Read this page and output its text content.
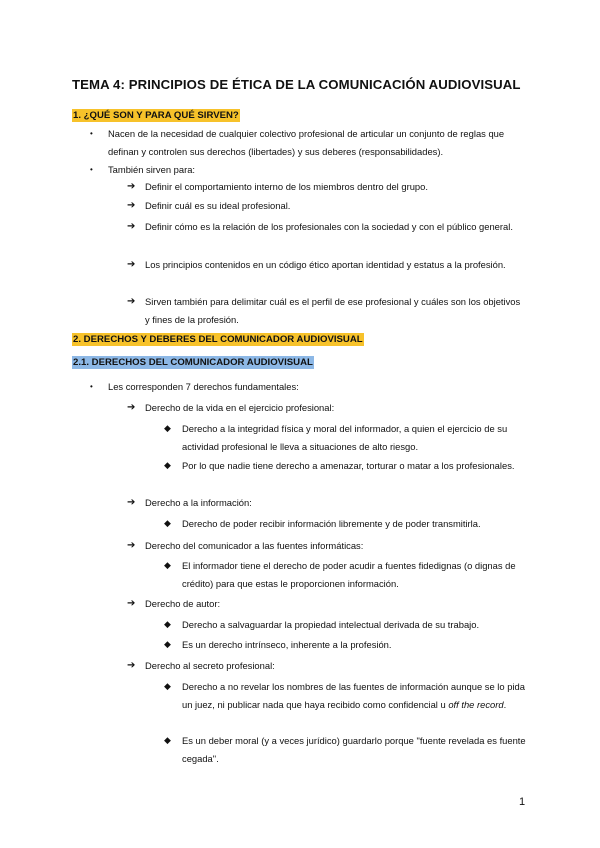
TEMA 4: PRINCIPIOS DE ÉTICA DE LA COMUNICACIÓN AUDIOVISUAL
1. ¿QUÉ SON Y PARA QUÉ SIRVEN?
• Nacen de la necesidad de cualquier colectivo profesional de articular un conjunto de reglas que definan y controlen sus derechos (libertades) y sus deberes (responsabilidades).
• También sirven para:
➔ Definir el comportamiento interno de los miembros dentro del grupo.
➔ Definir cuál es su ideal profesional.
➔ Definir cómo es la relación de los profesionales con la sociedad y con el público general.
➔ Los principios contenidos en un código ético aportan identidad y estatus a la profesión.
➔ Sirven también para delimitar cuál es el perfil de ese profesional y cuáles son los objetivos y fines de la profesión.
2. DERECHOS Y DEBERES DEL COMUNICADOR AUDIOVISUAL
2.1. DERECHOS DEL COMUNICADOR AUDIOVISUAL
• Les corresponden 7 derechos fundamentales:
➔ Derecho de la vida en el ejercicio profesional:
◆ Derecho a la integridad física y moral del informador, a quien el ejercicio de su actividad profesional le lleva a situaciones de alto riesgo.
◆ Por lo que nadie tiene derecho a amenazar, torturar o matar a los profesionales.
➔ Derecho a la información:
◆ Derecho de poder recibir información libremente y de poder transmitirla.
➔ Derecho del comunicador a las fuentes informáticas:
◆ El informador tiene el derecho de poder acudir a fuentes fidedignas (o dignas de crédito) para que estas le proporcionen información.
➔ Derecho de autor:
◆ Derecho a salvaguardar la propiedad intelectual derivada de su trabajo.
◆ Es un derecho intrínseco, inherente a la profesión.
➔ Derecho al secreto profesional:
◆ Derecho a no revelar los nombres de las fuentes de información aunque se lo pida un juez, ni publicar nada que haya recibido como confidencial u off the record.
◆ Es un deber moral (y a veces jurídico) guardarlo porque "fuente revelada es fuente cegada".
1
